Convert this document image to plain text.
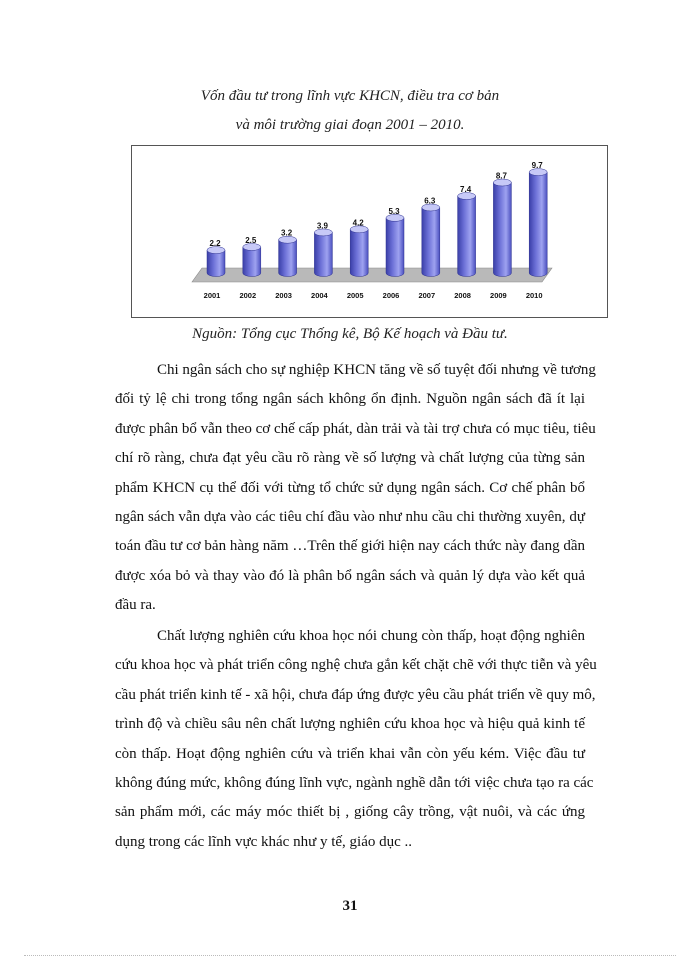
Vốn đầu tư trong lĩnh vực KHCN, điều tra cơ bản
và môi trường giai đoạn 2001 – 2010.
2.2
2001
2.5
2002
3.2
2003
3.9
2004
4.2
2005
5.3
2006
6.3
2007
7.4
2008
8.7
2009
9.7
2010
Nguồn: Tổng cục Thống kê, Bộ Kế hoạch và Đầu tư.

Chi ngân sách cho sự nghiệp KHCN tăng về số tuyệt đối nhưng về tương
đối tỷ lệ chi trong tổng ngân sách không ổn định. Nguồn ngân sách đã ít lại
được phân bổ vẫn theo cơ chế cấp phát, dàn trải và tài trợ chưa có mục tiêu, tiêu
chí rõ ràng, chưa đạt yêu cầu rõ ràng về số lượng và chất lượng của từng sản
phẩm KHCN cụ thể đối với từng tổ chức sử dụng ngân sách. Cơ chế phân bổ
ngân sách vẫn dựa vào các tiêu chí đầu vào như nhu cầu chi thường xuyên, dự
toán đầu tư cơ bản hàng năm …Trên thế giới hiện nay cách thức này đang dần
được xóa bỏ và thay vào đó là phân bổ ngân sách và quản lý dựa vào kết quả
đầu ra.

Chất lượng nghiên cứu khoa học nói chung còn thấp, hoạt động nghiên
cứu khoa học và phát triển công nghệ chưa gắn kết chặt chẽ với thực tiễn và yêu
cầu phát triển kinh tế - xã hội, chưa đáp ứng được yêu cầu phát triển về quy mô,
trình độ và chiều sâu nên chất lượng nghiên cứu khoa học và hiệu quả kinh tế
còn thấp. Hoạt động nghiên cứu và triển khai vẫn còn yếu kém. Việc đầu tư
không đúng mức, không đúng lĩnh vực, ngành nghề dẫn tới việc chưa tạo ra các
sản phẩm mới, các máy móc thiết bị , giống cây trồng, vật nuôi, và các ứng
dụng trong các lĩnh vực khác như y tế, giáo dục ..

31
